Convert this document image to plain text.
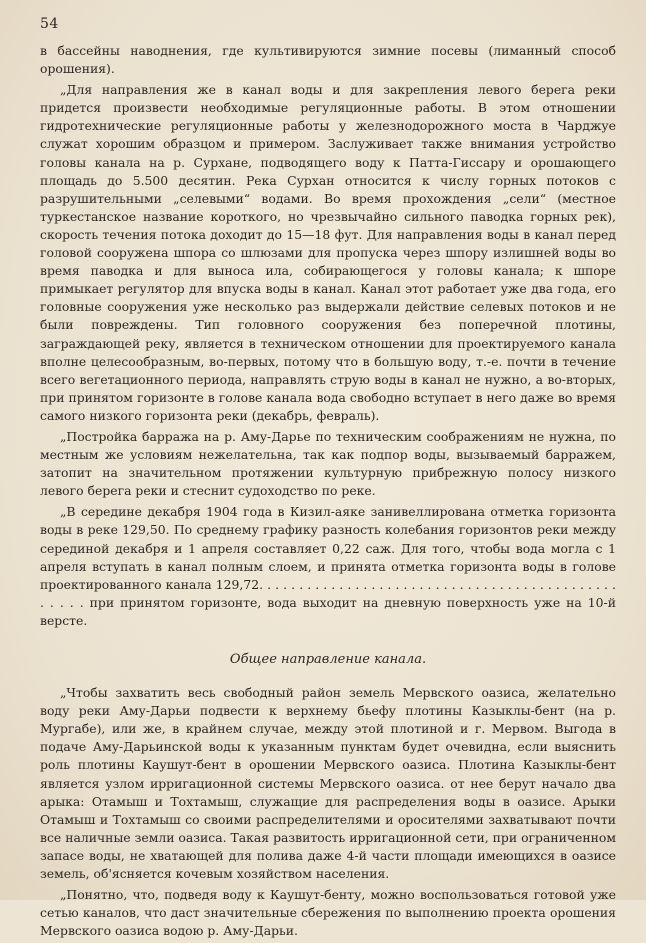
54

в бассейны наводнения, где культивируются зимние посевы (лиманный способ орошения).

„Для направления же в канал воды и для закрепления левого берега реки придется произвести необходимые регуляционные работы. В этом отношении гидротехнические регуляционные работы у железнодорожного моста в Чарджуе служат хорошим образцом и примером. Заслуживает также внимания устройство головы канала на р. Сурхане, подводящего воду к Патта-Гиссару и орошающего площадь до 5.500 десятин. Река Сурхан относится к числу горных потоков с разрушительными „селевыми“ водами. Во время прохождения „сели“ (местное туркестанское название короткого, но чрезвычайно сильного паводка горных рек), скорость течения потока доходит до 15—18 фут. Для направления воды в канал перед головой сооружена шпора со шлюзами для пропуска через шпору излишней воды во время паводка и для выноса ила, собирающегося у головы канала; к шпоре примыкает регулятор для впуска воды в канал. Канал этот работает уже два года, его головные сооружения уже несколько раз выдержали действие селевых потоков и не были повреждены. Тип головного сооружения без поперечной плотины, заграждающей реку, является в техническом отношении для проектируемого канала вполне целесообразным, во-первых, потому что в большую воду, т.-е. почти в течение всего вегетационного периода, направлять струю воды в канал не нужно, а во-вторых, при принятом горизонте в голове канала вода свободно вступает в него даже во время самого низкого горизонта реки (декабрь, февраль).

„Постройка барража на р. Аму-Дарье по техническим соображениям не нужна, по местным же условиям нежелательна, так как подпор воды, вызываемый барражем, затопит на значительном протяжении культурную прибрежную полосу низкого левого берега реки и стеснит судоходство по реке.

„В середине декабря 1904 года в Кизил-аяке занивеллирована отметка горизонта воды в реке 129,50. По среднему графику разность колебания горизонтов реки между серединой декабря и 1 апреля составляет 0,22 саж. Для того, чтобы вода могла с 1 апреля вступать в канал полным слоем, и принята отметка горизонта воды в голове проектированного канала 129,72. . . . . . . . . . . . . . . . . . . . . . . . . . . . . . . . . . . . . . . . . . . . . . . . . . при принятом горизонте, вода выходит на дневную поверхность уже на 10-й версте.

Общее направление канала.

„Чтобы захватить весь свободный район земель Мервского оазиса, желательно воду реки Аму-Дарьи подвести к верхнему бьефу плотины Казыклы-бент (на р. Мургабе), или же, в крайнем случае, между этой плотиной и г. Мервом. Выгода в подаче Аму-Дарьинской воды к указанным пунктам будет очевидна, если выяснить роль плотины Каушут-бент в орошении Мервского оазиса. Плотина Казыклы-бент является узлом ирригационной системы Мервского оазиса. от нее берут начало два арыка: Отамыш и Тохтамыш, служащие для распределения воды в оазисе. Арыки Отамыш и Тохтамыш со своими распределителями и оросителями захватывают почти все наличные земли оазиса. Такая развитость ирригационной сети, при ограниченном запасе воды, не хватающей для полива даже 4-й части площади имеющихся в оазисе земель, об'ясняется кочевым хозяйством населения.

„Понятно, что, подведя воду к Каушут-бенту, можно воспользоваться готовой уже сетью каналов, что даст значительные сбережения по выполнению проекта орошения Мервского оазиса водою р. Аму-Дарьи.
